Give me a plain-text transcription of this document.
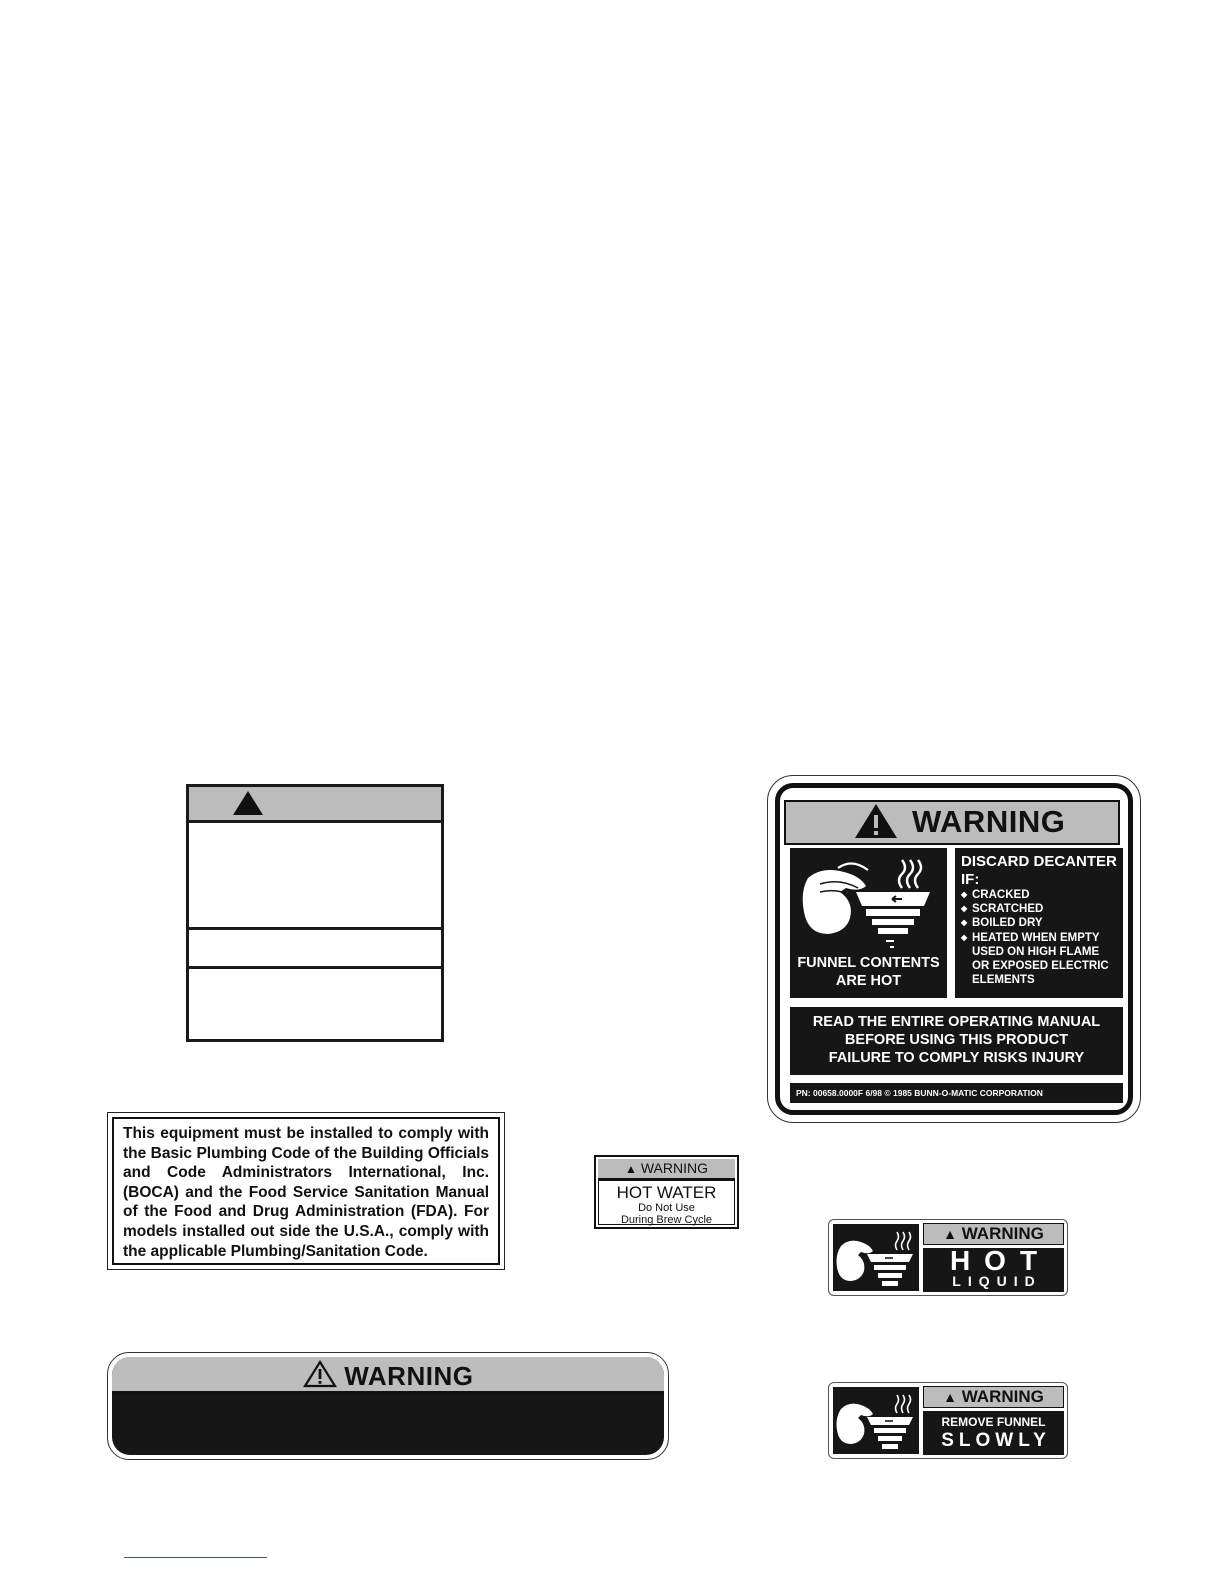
This equipment must be installed to comply with the Basic Plumbing Code of the Building Officials and Code Administrators International, Inc. (BOCA) and the Food Service Sanitation Manual of the Food and Drug Administration (FDA). For models installed out side the U.S.A., comply with the applicable Plumbing/Sanitation Code.
WARNING
WARNING
FUNNEL CONTENTS
ARE HOT
DISCARD DECANTER
IF:
◆ CRACKED
◆ SCRATCHED
◆ BOILED DRY
◆ HEATED WHEN EMPTY
USED ON HIGH FLAME
OR EXPOSED ELECTRIC
ELEMENTS
READ THE ENTIRE OPERATING MANUAL
BEFORE USING THIS PRODUCT
FAILURE TO COMPLY RISKS INJURY
PN: 00658.0000F 6/98 © 1985 BUNN-O-MATIC CORPORATION
▲ WARNING
HOT WATER
Do Not Use
During Brew Cycle
▲ WARNING
HOT
LIQUID
▲ WARNING
REMOVE FUNNEL
SLOWLY
